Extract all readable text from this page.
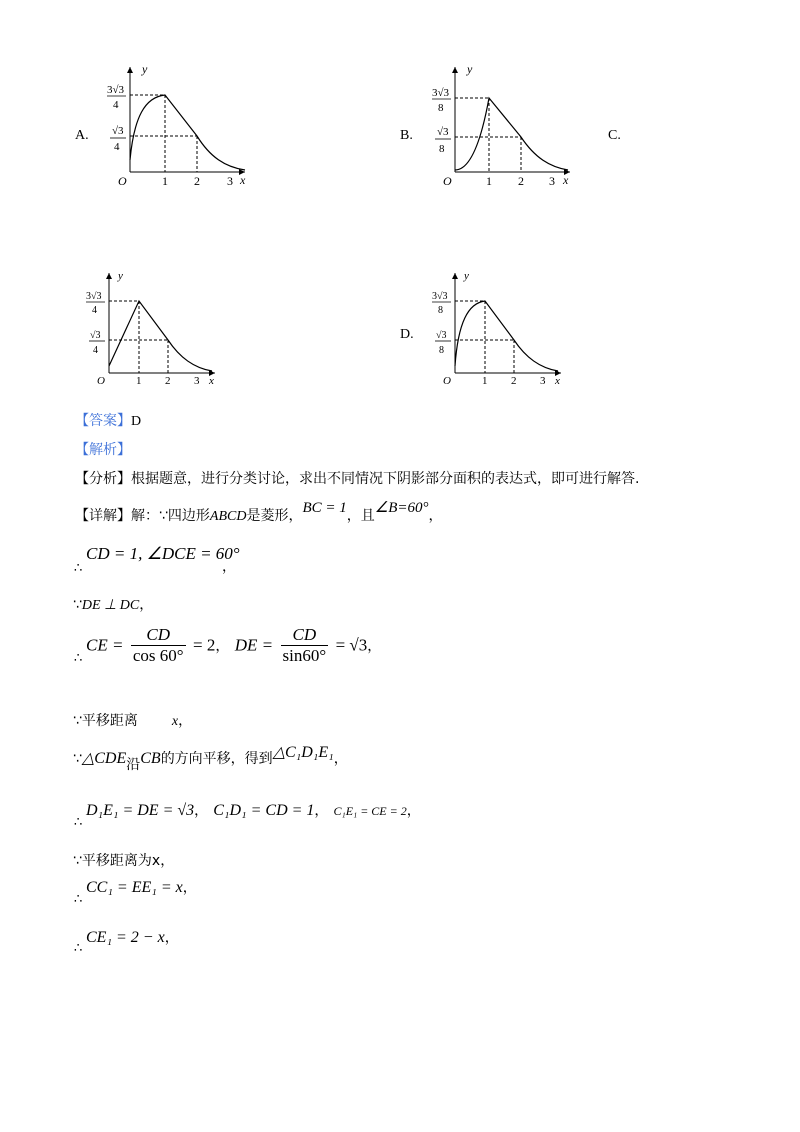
A.
y
x
O	1 2 3
3√3
4
√3
4
B.
y
x
O	1 2 3
3√3
8
√3
8
C.
y
x
O	1 2 3
3√3
4
√3
4
D.
y
x
O	1 2 3
3√3
8
√3
8
【答案】D
【解析】
【分析】根据题意，进行分类讨论，求出不同情况下阴影部分面积的表达式，即可进行解答.
【详解】解：∵四边形ABCD是菱形，BC = 1，且∠B=60°，
∴
CD = 1, ∠DCE = 60°
，
∵DE ⊥ DC，
∴
CE = $\frac{CD}{\cos 60^\circ} = 2$， DE = $\frac{CD}{\sin 60^\circ} = √3$，
∵平移距离 x，
∵△CDE沿CB的方向平移，得到△C₁D₁E₁，
∴
D₁E₁ = DE = √3， C₁D₁ = CD = 1， C₁E₁ = CE = 2，
∵平移距离为x，
∴
CC₁ = EE₁ = x，
∴
CE₁ = 2 − x，
